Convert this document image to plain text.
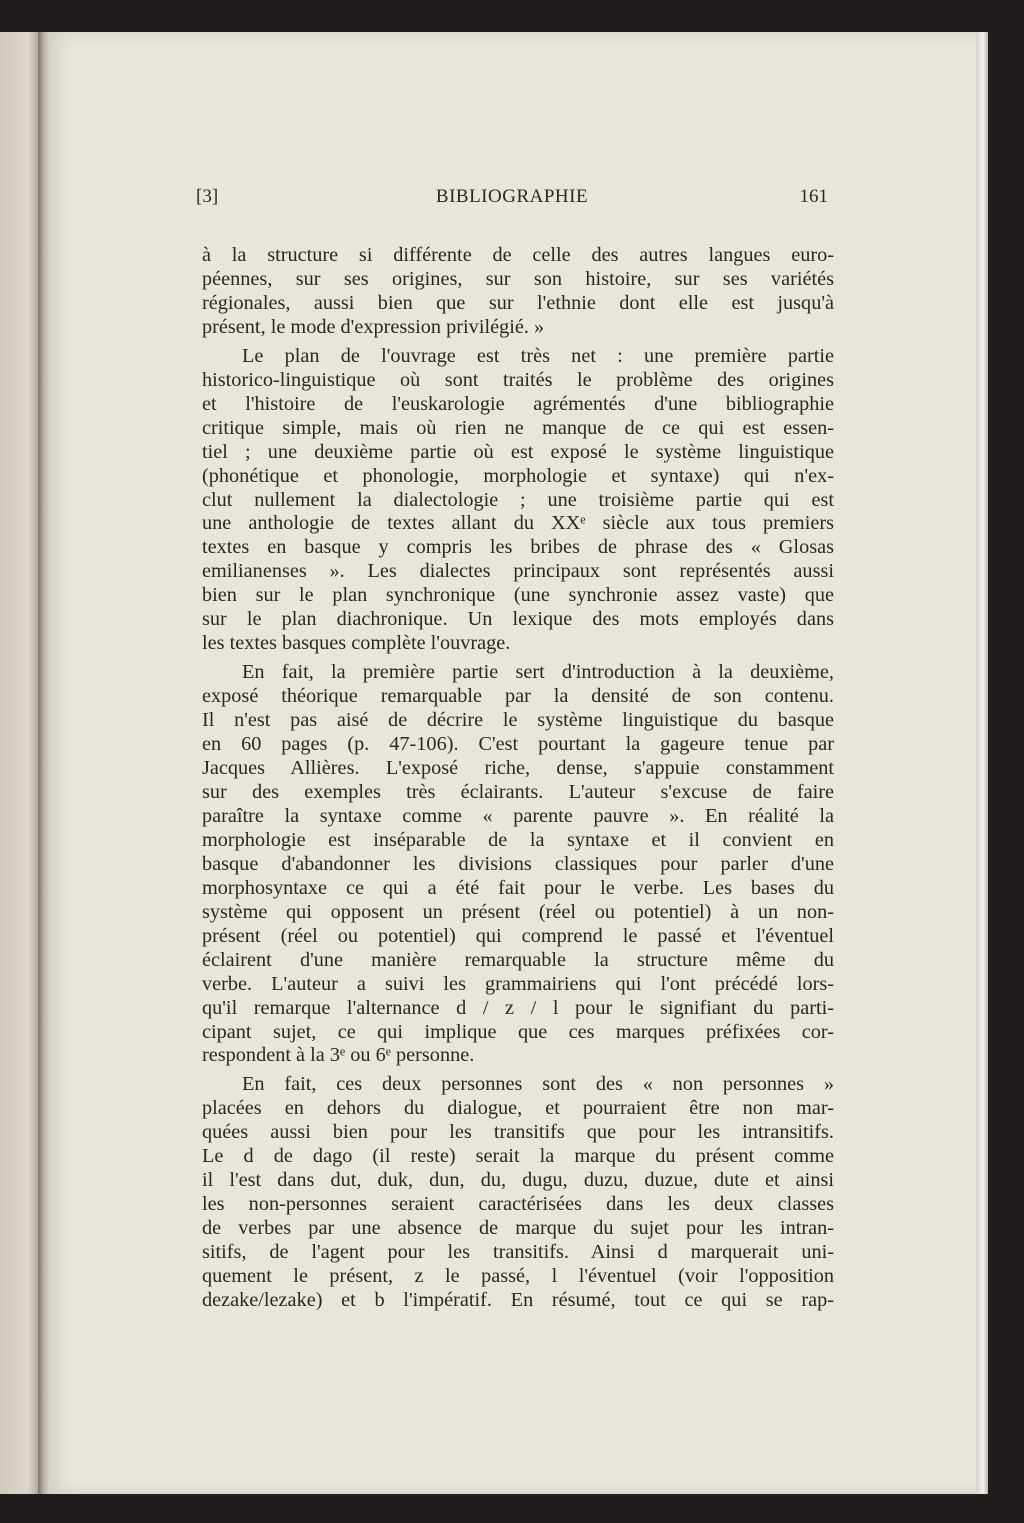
[3]	BIBLIOGRAPHIE	161

à la structure si différente de celle des autres langues euro-
péennes, sur ses origines, sur son histoire, sur ses variétés
régionales, aussi bien que sur l'ethnie dont elle est jusqu'à
présent, le mode d'expression privilégié. »

Le plan de l'ouvrage est très net : une première partie
historico-linguistique où sont traités le problème des origines
et l'histoire de l'euskarologie agrémentés d'une bibliographie
critique simple, mais où rien ne manque de ce qui est essen-
tiel ; une deuxième partie où est exposé le système linguistique
(phonétique et phonologie, morphologie et syntaxe) qui n'ex-
clut nullement la dialectologie ; une troisième partie qui est
une anthologie de textes allant du XXᵉ siècle aux tous premiers
textes en basque y compris les bribes de phrase des « Glosas
emilianenses ». Les dialectes principaux sont représentés aussi
bien sur le plan synchronique (une synchronie assez vaste) que
sur le plan diachronique. Un lexique des mots employés dans
les textes basques complète l'ouvrage.

En fait, la première partie sert d'introduction à la deuxième,
exposé théorique remarquable par la densité de son contenu.
Il n'est pas aisé de décrire le système linguistique du basque
en 60 pages (p. 47-106). C'est pourtant la gageure tenue par
Jacques Allières. L'exposé riche, dense, s'appuie constamment
sur des exemples très éclairants. L'auteur s'excuse de faire
paraître la syntaxe comme « parente pauvre ». En réalité la
morphologie est inséparable de la syntaxe et il convient en
basque d'abandonner les divisions classiques pour parler d'une
morphosyntaxe ce qui a été fait pour le verbe. Les bases du
système qui opposent un présent (réel ou potentiel) à un non-
présent (réel ou potentiel) qui comprend le passé et l'éventuel
éclairent d'une manière remarquable la structure même du
verbe. L'auteur a suivi les grammairiens qui l'ont précédé lors-
qu'il remarque l'alternance d / z / l pour le signifiant du parti-
cipant sujet, ce qui implique que ces marques préfixées cor-
respondent à la 3ᵉ ou 6ᵉ personne.

En fait, ces deux personnes sont des « non personnes »
placées en dehors du dialogue, et pourraient être non mar-
quées aussi bien pour les transitifs que pour les intransitifs.
Le d de dago (il reste) serait la marque du présent comme
il l'est dans dut, duk, dun, du, dugu, duzu, duzue, dute et ainsi
les non-personnes seraient caractérisées dans les deux classes
de verbes par une absence de marque du sujet pour les intran-
sitifs, de l'agent pour les transitifs. Ainsi d marquerait uni-
quement le présent, z le passé, l l'éventuel (voir l'opposition
dezake/lezake) et b l'impératif. En résumé, tout ce qui se rap-
